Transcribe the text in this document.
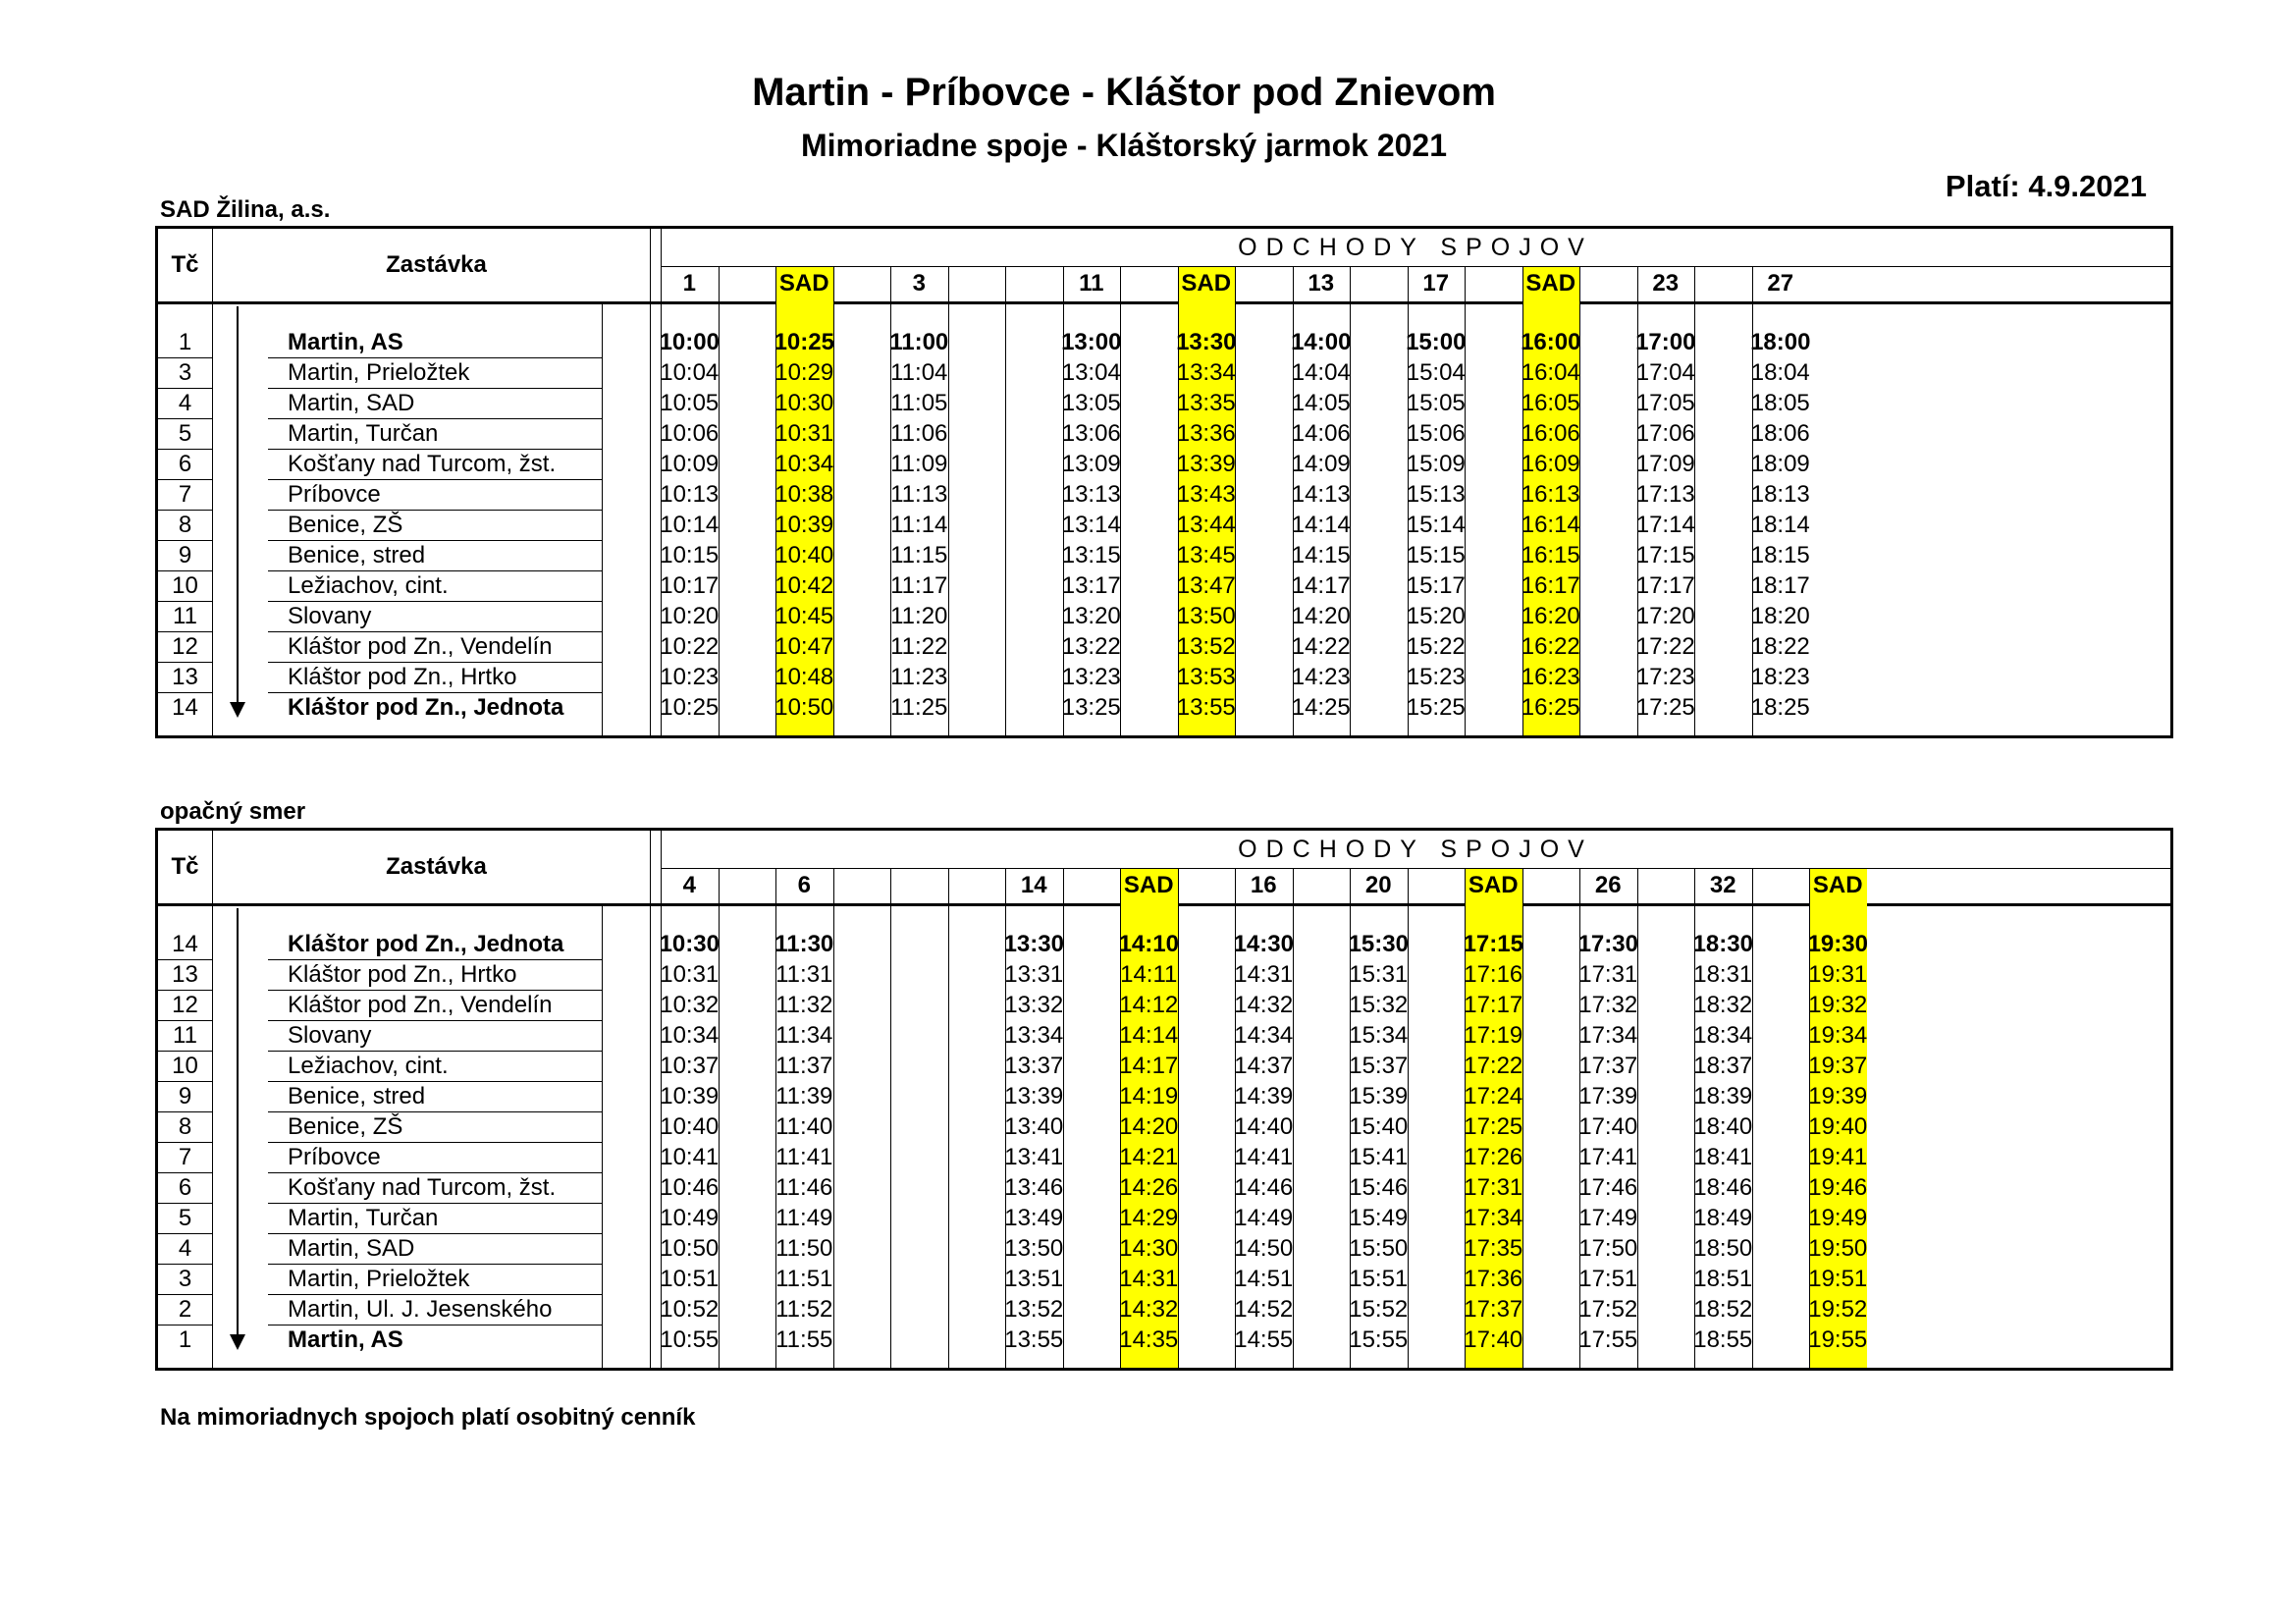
Martin - Príbovce - Kláštor pod Znievom
Mimoriadne spoje - Kláštorský jarmok 2021
Platí: 4.9.2021
SAD Žilina, a.s.
Tč	Zastávka
ODCHODY SPOJOV
1	SAD	3	11	SAD	13	17	SAD	23	27
1	Martin, AS	10:00 10:25 11:00	13:00 13:30 14:00 15:00 16:00 17:00 18:00
3	Martin, Prieložtek	10:04 10:29 11:04	13:04 13:34 14:04 15:04 16:04 17:04 18:04
4	Martin, SAD	10:05 10:30 11:05	13:05 13:35 14:05 15:05 16:05 17:05 18:05
5	Martin, Turčan	10:06 10:31 11:06	13:06 13:36 14:06 15:06 16:06 17:06 18:06
6	Košťany nad Turcom, žst.	10:09 10:34 11:09	13:09 13:39 14:09 15:09 16:09 17:09 18:09
7	Príbovce	10:13 10:38 11:13	13:13 13:43 14:13 15:13 16:13 17:13 18:13
8	Benice, ZŠ	10:14 10:39 11:14	13:14 13:44 14:14 15:14 16:14 17:14 18:14
9	Benice, stred	10:15 10:40 11:15	13:15 13:45 14:15 15:15 16:15 17:15 18:15
10	Ležiachov, cint.	10:17 10:42 11:17	13:17 13:47 14:17 15:17 16:17 17:17 18:17
11	Slovany	10:20 10:45 11:20	13:20 13:50 14:20 15:20 16:20 17:20 18:20
12	Kláštor pod Zn., Vendelín	10:22 10:47 11:22	13:22 13:52 14:22 15:22 16:22 17:22 18:22
13	Kláštor pod Zn., Hrtko	10:23 10:48 11:23	13:23 13:53 14:23 15:23 16:23 17:23 18:23
14	Kláštor pod Zn., Jednota	10:25 10:50 11:25	13:25 13:55 14:25 15:25 16:25 17:25 18:25
opačný smer
Tč	Zastávka
ODCHODY SPOJOV
4	6	14	SAD	16	20	SAD	26	32	SAD
14	Kláštor pod Zn., Jednota	10:30 11:30	13:30 14:10 14:30 15:30 17:15 17:30 18:30 19:30
13	Kláštor pod Zn., Hrtko	10:31 11:31	13:31 14:11 14:31 15:31 17:16 17:31 18:31 19:31
12	Kláštor pod Zn., Vendelín	10:32 11:32	13:32 14:12 14:32 15:32 17:17 17:32 18:32 19:32
11	Slovany	10:34 11:34	13:34 14:14 14:34 15:34 17:19 17:34 18:34 19:34
10	Ležiachov, cint.	10:37 11:37	13:37 14:17 14:37 15:37 17:22 17:37 18:37 19:37
9	Benice, stred	10:39 11:39	13:39 14:19 14:39 15:39 17:24 17:39 18:39 19:39
8	Benice, ZŠ	10:40 11:40	13:40 14:20 14:40 15:40 17:25 17:40 18:40 19:40
7	Príbovce	10:41 11:41	13:41 14:21 14:41 15:41 17:26 17:41 18:41 19:41
6	Košťany nad Turcom, žst.	10:46 11:46	13:46 14:26 14:46 15:46 17:31 17:46 18:46 19:46
5	Martin, Turčan	10:49 11:49	13:49 14:29 14:49 15:49 17:34 17:49 18:49 19:49
4	Martin, SAD	10:50 11:50	13:50 14:30 14:50 15:50 17:35 17:50 18:50 19:50
3	Martin, Prieložtek	10:51 11:51	13:51 14:31 14:51 15:51 17:36 17:51 18:51 19:51
2	Martin, Ul. J. Jesenského	10:52 11:52	13:52 14:32 14:52 15:52 17:37 17:52 18:52 19:52
1	Martin, AS	10:55 11:55	13:55 14:35 14:55 15:55 17:40 17:55 18:55 19:55
Na mimoriadnych spojoch platí osobitný cenník
